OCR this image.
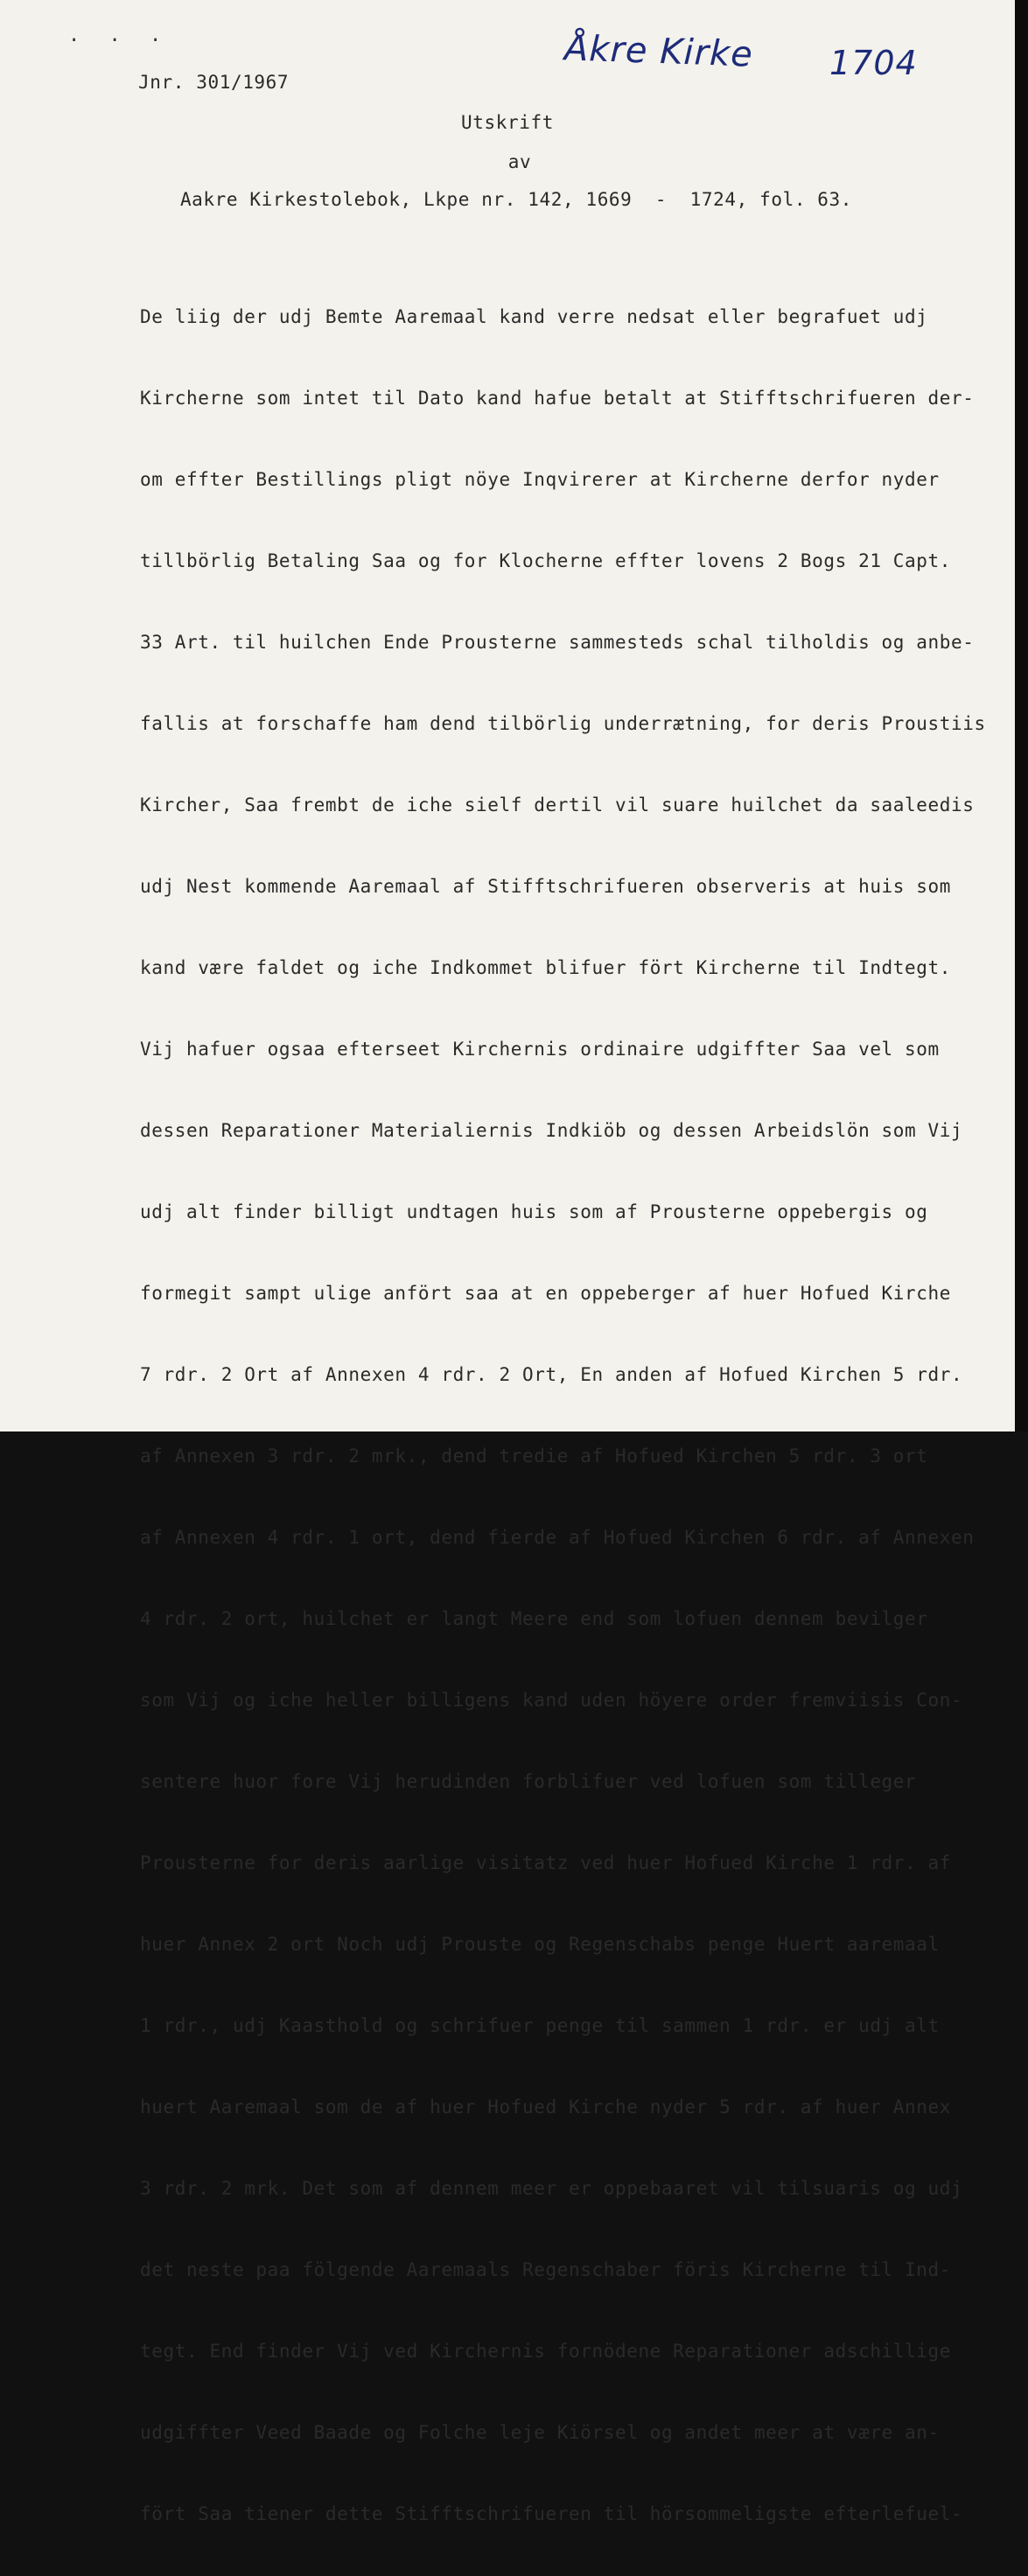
· · ·	Åkre Kirke 1704
Jnr. 301/1967
Utskrift
av
Aakre Kirkestolebok, Lkpe nr. 142, 1669  -  1724, fol. 63.

De liig der udj Bemte Aaremaal kand verre nedsat eller begrafuet udj

Kircherne som intet til Dato kand hafue betalt at Stifftschrifueren der-

om effter Bestillings pligt nöye Inqvirerer at Kircherne derfor nyder

tillbörlig Betaling Saa og for Klocherne effter lovens 2 Bogs 21 Capt.

33 Art. til huilchen Ende Prousterne sammesteds schal tilholdis og anbe-

fallis at forschaffe ham dend tilbörlig underrætning, for deris Proustiis

Kircher, Saa frembt de iche sielf dertil vil suare huilchet da saaleedis

udj Nest kommende Aaremaal af Stifftschrifueren observeris at huis som

kand være faldet og iche Indkommet blifuer fört Kircherne til Indtegt.

Vij hafuer ogsaa efterseet Kirchernis ordinaire udgiffter Saa vel som

dessen Reparationer Materialiernis Indkiöb og dessen Arbeidslön som Vij

udj alt finder billigt undtagen huis som af Prousterne oppebergis og

formegit sampt ulige anfört saa at en oppeberger af huer Hofued Kirche

7 rdr. 2 Ort af Annexen 4 rdr. 2 Ort, En anden af Hofued Kirchen 5 rdr.

af Annexen 3 rdr. 2 mrk., dend tredie af Hofued Kirchen 5 rdr. 3 ort

af Annexen 4 rdr. 1 ort, dend fierde af Hofued Kirchen 6 rdr. af Annexen

4 rdr. 2 ort, huilchet er langt Meere end som lofuen dennem bevilger

som Vij og iche heller billigens kand uden höyere order fremviisis Con-

sentere huor fore Vij herudinden forblifuer ved lofuen som tilleger

Prousterne for deris aarlige visitatz ved huer Hofued Kirche 1 rdr. af

huer Annex 2 ort Noch udj Prouste og Regenschabs penge Huert aaremaal

1 rdr., udj Kaasthold og schrifuer penge til sammen 1 rdr. er udj alt

huert Aaremaal som de af huer Hofued Kirche nyder 5 rdr. af huer Annex

3 rdr. 2 mrk. Det som af dennem meer er oppebaaret vil tilsuaris og udj

det neste paa fölgende Aaremaals Regenschaber föris Kircherne til Ind-

tegt. End finder Vij ved Kirchernis fornödene Reparationer adschillige

udgiffter Veed Baade og Folche leje Kiörsel og andet meer at være an-

fört Saa tiener dette Stifftschrifueren til hörsommeligste efterlefuel-
